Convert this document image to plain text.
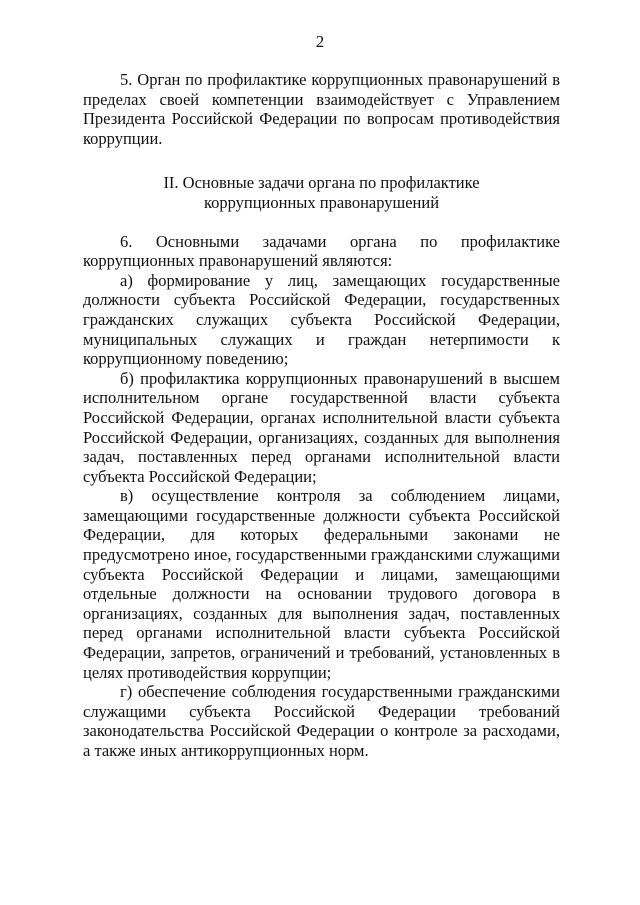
2

5. Орган по профилактике коррупционных правонарушений в пределах своей компетенции взаимодействует с Управлением Президента Российской Федерации по вопросам противодействия коррупции.

II. Основные задачи органа по профилактике
коррупционных правонарушений

6. Основными задачами органа по профилактике коррупционных правонарушений являются:

а) формирование у лиц, замещающих государственные должности субъекта Российской Федерации, государственных гражданских служащих субъекта Российской Федерации, муниципальных служащих и граждан нетерпимости к коррупционному поведению;

б) профилактика коррупционных правонарушений в высшем исполнительном органе государственной власти субъекта Российской Федерации, органах исполнительной власти субъекта Российской Федерации, организациях, созданных для выполнения задач, поставленных перед органами исполнительной власти субъекта Российской Федерации;

в) осуществление контроля за соблюдением лицами, замещающими государственные должности субъекта Российской Федерации, для которых федеральными законами не предусмотрено иное, государственными гражданскими служащими субъекта Российской Федерации и лицами, замещающими отдельные должности на основании трудового договора в организациях, созданных для выполнения задач, поставленных перед органами исполнительной власти субъекта Российской Федерации, запретов, ограничений и требований, установленных в целях противодействия коррупции;

г) обеспечение соблюдения государственными гражданскими служащими субъекта Российской Федерации требований законодательства Российской Федерации о контроле за расходами, а также иных антикоррупционных норм.
